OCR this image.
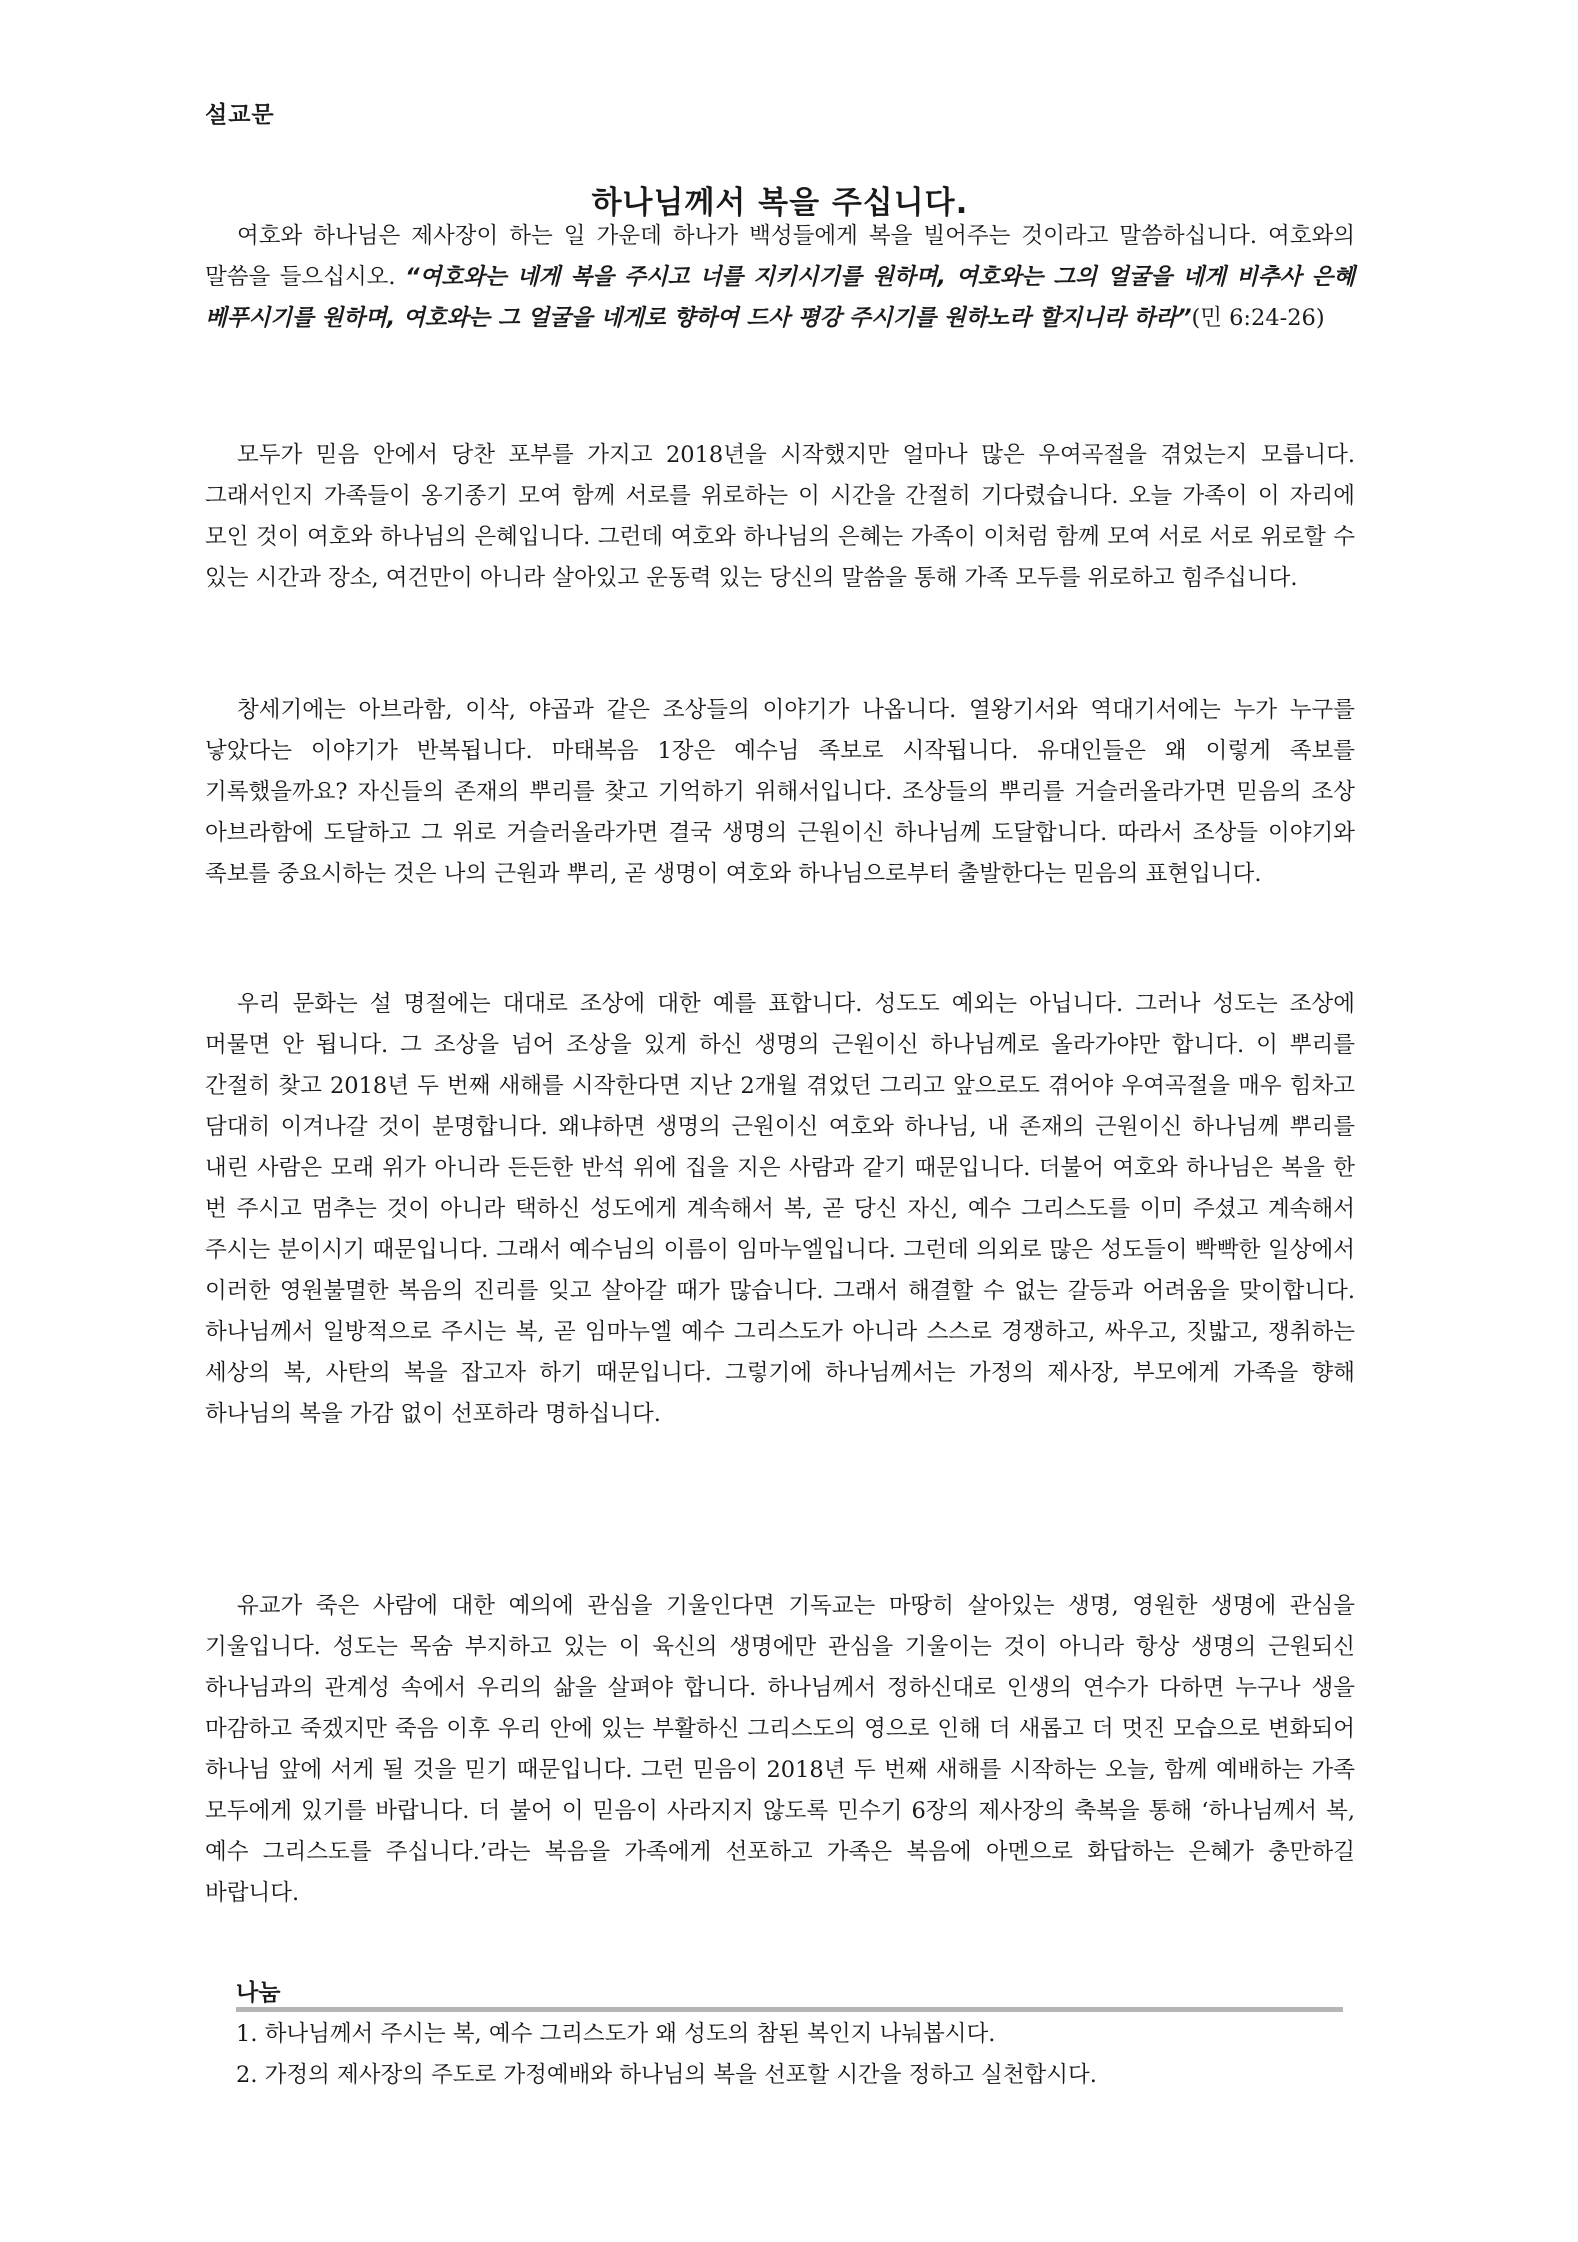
설교문
하나님께서 복을 주십니다.

여호와 하나님은 제사장이 하는 일 가운데 하나가 백성들에게 복을 빌어주는 것이라고 말씀하십니다. 여호와의 말씀을 들으십시오. “여호와는 네게 복을 주시고 너를 지키시기를 원하며, 여호와는 그의 얼굴을 네게 비추사 은혜 베푸시기를 원하며, 여호와는 그 얼굴을 네게로 향하여 드사 평강 주시기를 원하노라 할지니라 하라”(민 6:24-26)

모두가 믿음 안에서 당찬 포부를 가지고 2018년을 시작했지만 얼마나 많은 우여곡절을 겪었는지 모릅니다. 그래서인지 가족들이 옹기종기 모여 함께 서로를 위로하는 이 시간을 간절히 기다렸습니다. 오늘 가족이 이 자리에 모인 것이 여호와 하나님의 은혜입니다. 그런데 여호와 하나님의 은혜는 가족이 이처럼 함께 모여 서로 서로 위로할 수 있는 시간과 장소, 여건만이 아니라 살아있고 운동력 있는 당신의 말씀을 통해 가족 모두를 위로하고 힘주십니다.

창세기에는 아브라함, 이삭, 야곱과 같은 조상들의 이야기가 나옵니다. 열왕기서와 역대기서에는 누가 누구를 낳았다는 이야기가 반복됩니다. 마태복음 1장은 예수님 족보로 시작됩니다. 유대인들은 왜 이렇게 족보를 기록했을까요? 자신들의 존재의 뿌리를 찾고 기억하기 위해서입니다. 조상들의 뿌리를 거슬러올라가면 믿음의 조상 아브라함에 도달하고 그 위로 거슬러올라가면 결국 생명의 근원이신 하나님께 도달합니다. 따라서 조상들 이야기와 족보를 중요시하는 것은 나의 근원과 뿌리, 곧 생명이 여호와 하나님으로부터 출발한다는 믿음의 표현입니다.

우리 문화는 설 명절에는 대대로 조상에 대한 예를 표합니다. 성도도 예외는 아닙니다. 그러나 성도는 조상에 머물면 안 됩니다. 그 조상을 넘어 조상을 있게 하신 생명의 근원이신 하나님께로 올라가야만 합니다. 이 뿌리를 간절히 찾고 2018년 두 번째 새해를 시작한다면 지난 2개월 겪었던 그리고 앞으로도 겪어야 우여곡절을 매우 힘차고 담대히 이겨나갈 것이 분명합니다. 왜냐하면 생명의 근원이신 여호와 하나님, 내 존재의 근원이신 하나님께 뿌리를 내린 사람은 모래 위가 아니라 든든한 반석 위에 집을 지은 사람과 같기 때문입니다. 더불어 여호와 하나님은 복을 한 번 주시고 멈추는 것이 아니라 택하신 성도에게 계속해서 복, 곧 당신 자신, 예수 그리스도를 이미 주셨고 계속해서 주시는 분이시기 때문입니다. 그래서 예수님의 이름이 임마누엘입니다. 그런데 의외로 많은 성도들이 빡빡한 일상에서 이러한 영원불멸한 복음의 진리를 잊고 살아갈 때가 많습니다. 그래서 해결할 수 없는 갈등과 어려움을 맞이합니다. 하나님께서 일방적으로 주시는 복, 곧 임마누엘 예수 그리스도가 아니라 스스로 경쟁하고, 싸우고, 짓밟고, 쟁취하는 세상의 복, 사탄의 복을 잡고자 하기 때문입니다. 그렇기에 하나님께서는 가정의 제사장, 부모에게 가족을 향해 하나님의 복을 가감 없이 선포하라 명하십니다.

유교가 죽은 사람에 대한 예의에 관심을 기울인다면 기독교는 마땅히 살아있는 생명, 영원한 생명에 관심을 기울입니다. 성도는 목숨 부지하고 있는 이 육신의 생명에만 관심을 기울이는 것이 아니라 항상 생명의 근원되신 하나님과의 관계성 속에서 우리의 삶을 살펴야 합니다. 하나님께서 정하신대로 인생의 연수가 다하면 누구나 생을 마감하고 죽겠지만 죽음 이후 우리 안에 있는 부활하신 그리스도의 영으로 인해 더 새롭고 더 멋진 모습으로 변화되어 하나님 앞에 서게 될 것을 믿기 때문입니다. 그런 믿음이 2018년 두 번째 새해를 시작하는 오늘, 함께 예배하는 가족 모두에게 있기를 바랍니다. 더 불어 이 믿음이 사라지지 않도록 민수기 6장의 제사장의 축복을 통해 ‘하나님께서 복, 예수 그리스도를 주십니다.’라는 복음을 가족에게 선포하고 가족은 복음에 아멘으로 화답하는 은혜가 충만하길 바랍니다.

나눔
1. 하나님께서 주시는 복, 예수 그리스도가 왜 성도의 참된 복인지 나눠봅시다.
2. 가정의 제사장의 주도로 가정예배와 하나님의 복을 선포할 시간을 정하고 실천합시다.
